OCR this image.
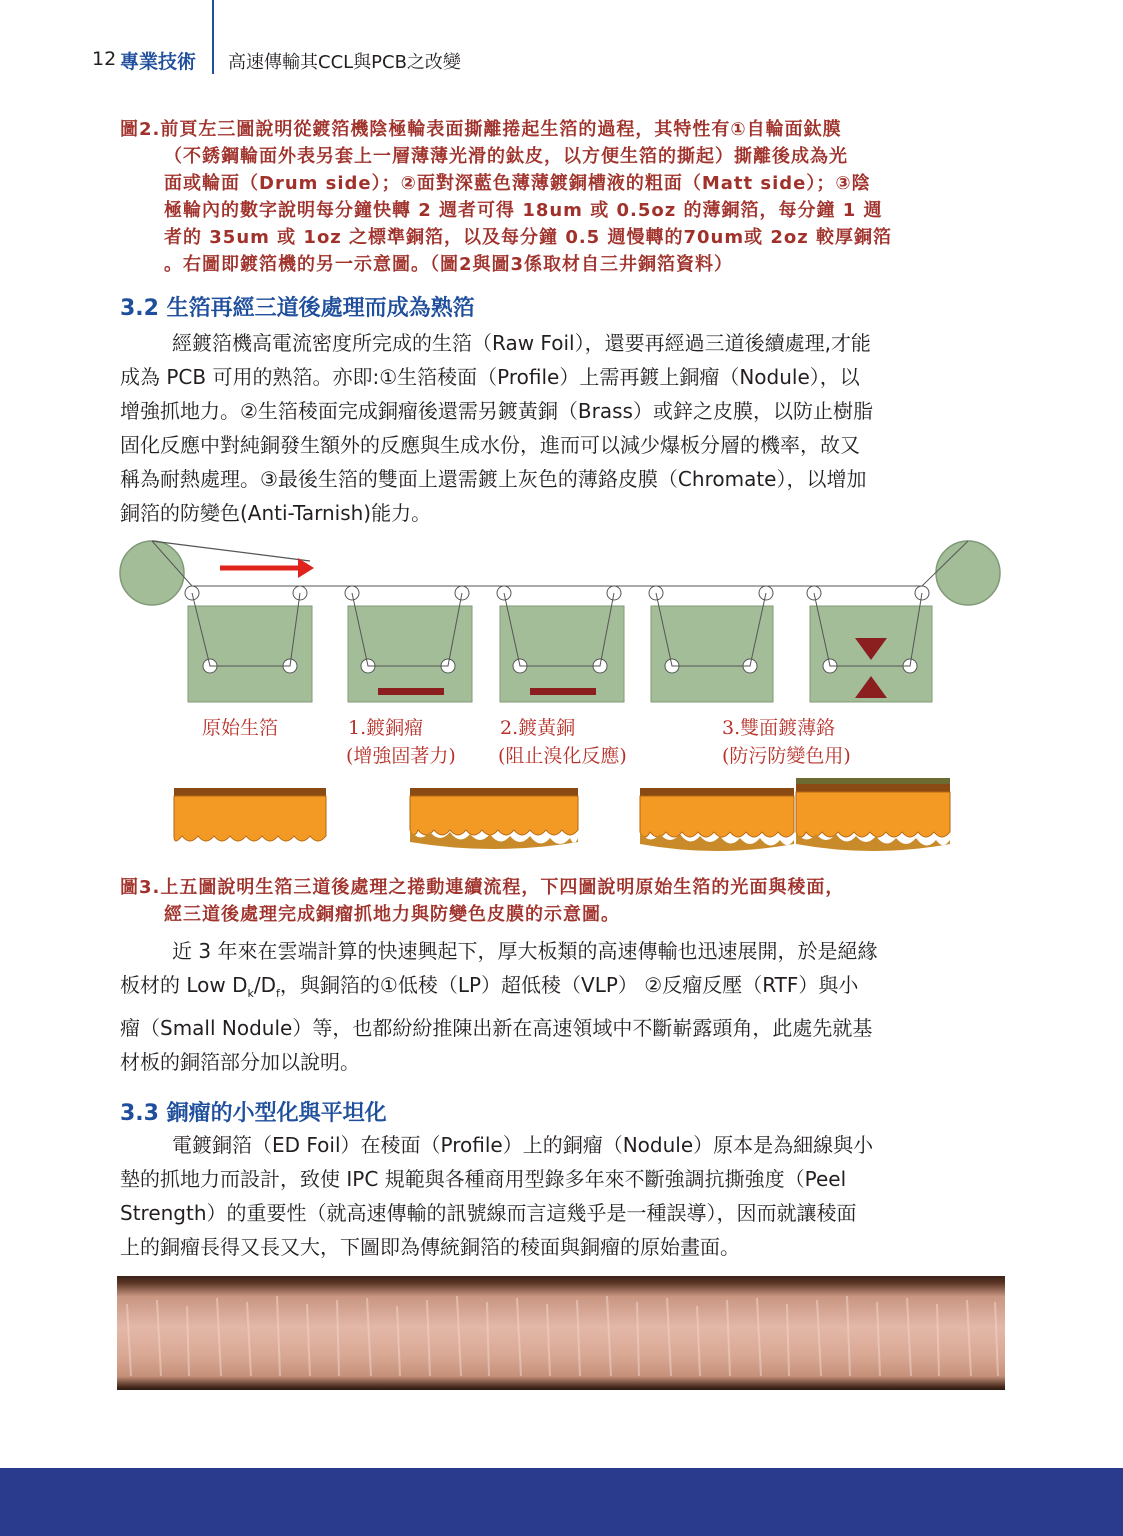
12 專業技術 高速傳輸其CCL與PCB之改變
圖2.前頁左三圖說明從鍍箔機陰極輪表面撕離捲起生箔的過程，其特性有①自輪面鈦膜
（不銹鋼輪面外表另套上一層薄薄光滑的鈦皮，以方便生箔的撕起）撕離後成為光
面或輪面（Drum side）；②面對深藍色薄薄鍍銅槽液的粗面（Matt side）；③陰
極輪內的數字說明每分鐘快轉 2 週者可得 18um 或 0.5oz 的薄銅箔，每分鐘 1 週
者的 35um 或 1oz 之標準銅箔，以及每分鐘 0.5 週慢轉的70um或 2oz 較厚銅箔
。右圖即鍍箔機的另一示意圖。（圖2與圖3係取材自三井銅箔資料）
3.2 生箔再經三道後處理而成為熟箔
經鍍箔機高電流密度所完成的生箔（Raw Foil），還要再經過三道後續處理,才能
成為 PCB 可用的熟箔。亦即:①生箔稜面（Profile）上需再鍍上銅瘤（Nodule），以
增強抓地力。②生箔稜面完成銅瘤後還需另鍍黃銅（Brass）或鋅之皮膜，以防止樹脂
固化反應中對純銅發生額外的反應與生成水份，進而可以減少爆板分層的機率，故又
稱為耐熱處理。③最後生箔的雙面上還需鍍上灰色的薄鉻皮膜（Chromate），以增加
銅箔的防變色(Anti-Tarnish)能力。
原始生箔	1.鍍銅瘤
(增強固著力)
2.鍍黃銅
(阻止溴化反應)
3.雙面鍍薄鉻
(防污防變色用)
圖3.上五圖說明生箔三道後處理之捲動連續流程，下四圖說明原始生箔的光面與稜面，
經三道後處理完成銅瘤抓地力與防變色皮膜的示意圖。
近 3 年來在雲端計算的快速興起下，厚大板類的高速傳輸也迅速展開，於是絕緣
板材的 Low $D_k/D_f$，與銅箔的①低稜（LP）超低稜（VLP） ②反瘤反壓（RTF）與小
瘤（Small Nodule）等，也都紛紛推陳出新在高速領域中不斷嶄露頭角，此處先就基
材板的銅箔部分加以說明。
3.3 銅瘤的小型化與平坦化
電鍍銅箔（ED Foil）在稜面（Profile）上的銅瘤（Nodule）原本是為細線與小
墊的抓地力而設計，致使 IPC 規範與各種商用型錄多年來不斷強調抗撕強度（Peel
Strength）的重要性（就高速傳輸的訊號線而言這幾乎是一種誤導），因而就讓稜面
上的銅瘤長得又長又大，下圖即為傳統銅箔的稜面與銅瘤的原始畫面。
